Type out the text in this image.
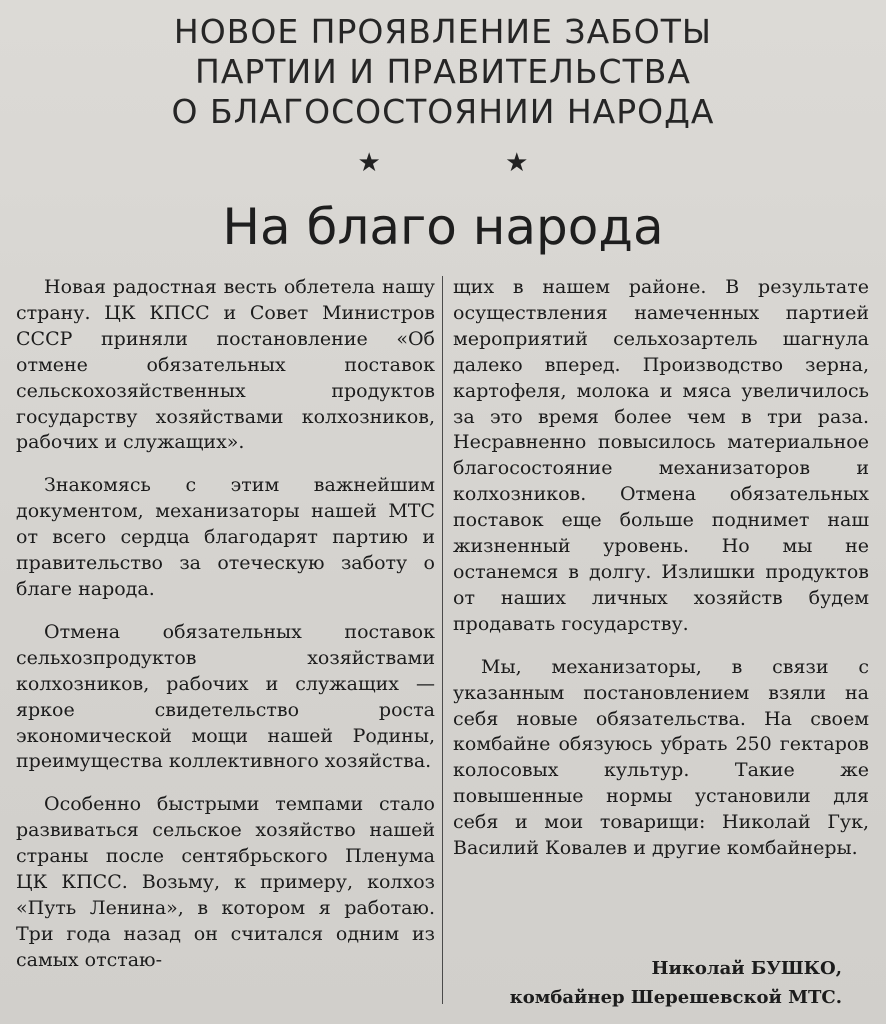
НОВОЕ ПРОЯВЛЕНИЕ ЗАБОТЫ
ПАРТИИ И ПРАВИТЕЛЬСТВА
О БЛАГОСОСТОЯНИИ НАРОДА
★ ★
На благо народа

Новая радостная весть облетела нашу страну. ЦК КПСС и Совет Министров СССР приняли постановление «Об отмене обязательных поставок сельскохозяйственных продуктов государству хозяйствами колхозников, рабочих и служащих».

Знакомясь с этим важнейшим документом, механизаторы нашей МТС от всего сердца благодарят партию и правительство за отеческую заботу о благе народа.

Отмена обязательных поставок сельхозпродуктов хозяйствами колхозников, рабочих и служащих — яркое свидетельство роста экономической мощи нашей Родины, преимущества коллективного хозяйства.

Особенно быстрыми темпами стало развиваться сельское хозяйство нашей страны после сентябрьского Пленума ЦК КПСС. Возьму, к примеру, колхоз «Путь Ленина», в котором я работаю. Три года назад он считался одним из самых отстаю-

щих в нашем районе. В результате осуществления намеченных партией мероприятий сельхозартель шагнула далеко вперед. Производство зерна, картофеля, молока и мяса увеличилось за это время более чем в три раза. Несравненно повысилось материальное благосостояние механизаторов и колхозников. Отмена обязательных поставок еще больше поднимет наш жизненный уровень. Но мы не останемся в долгу. Излишки продуктов от наших личных хозяйств будем продавать государству.

Мы, механизаторы, в связи с указанным постановлением взяли на себя новые обязательства. На своем комбайне обязуюсь убрать 250 гектаров колосовых культур. Такие же повышенные нормы установили для себя и мои товарищи: Николай Гук, Василий Ковалев и другие комбайнеры.

Николай БУШКО,
комбайнер Шерешевской МТС.
